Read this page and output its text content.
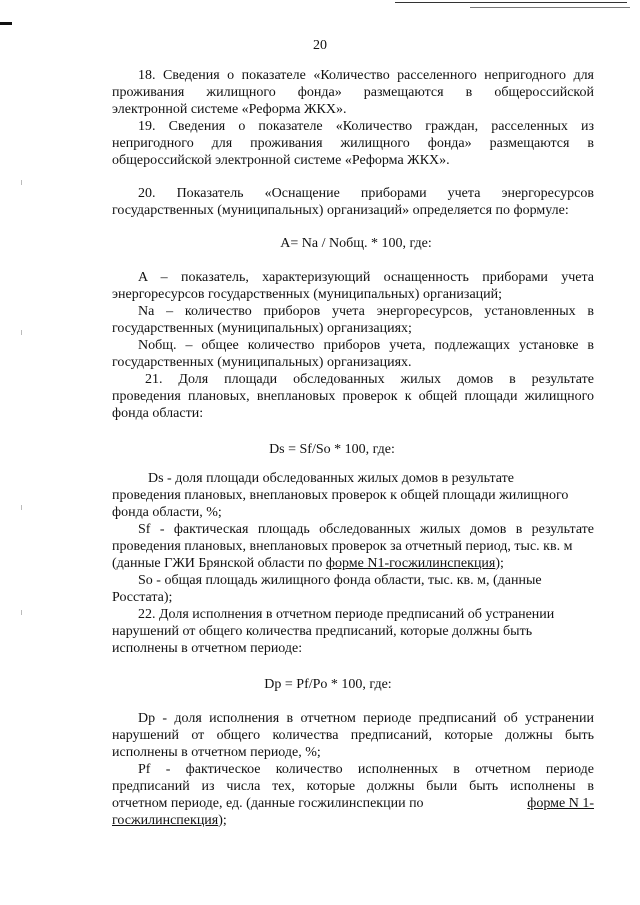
20
18. Сведения о показателе «Количество расселенного непригодного для
проживания жилищного фонда» размещаются в общероссийской
электронной системе «Реформа ЖКХ».
19. Сведения о показателе «Количество граждан, расселенных из
непригодного для проживания жилищного фонда» размещаются в
общероссийской электронной системе «Реформа ЖКХ».
20. Показатель «Оснащение приборами учета энергоресурсов
государственных (муниципальных) организаций» определяется по формуле:
A= Na / Nобщ. * 100, где:
A – показатель, характеризующий оснащенность приборами учета
энергоресурсов государственных (муниципальных) организаций;
Na – количество приборов учета энергоресурсов, установленных в
государственных (муниципальных) организациях;
Nобщ. – общее количество приборов учета, подлежащих установке в
государственных (муниципальных) организациях.
21. Доля площади обследованных жилых домов в результате
проведения плановых, внеплановых проверок к общей площади жилищного
фонда области:
Ds = Sf/So * 100, где:
Ds - доля площади обследованных жилых домов в результате
проведения плановых, внеплановых проверок к общей площади жилищного
фонда области, %;
Sf - фактическая площадь обследованных жилых домов в результате
проведения плановых, внеплановых проверок за отчетный период, тыс. кв. м
(данные ГЖИ Брянской области по форме N1-госжилинспекция);
So - общая площадь жилищного фонда области, тыс. кв. м, (данные
Росстата);
22. Доля исполнения в отчетном периоде предписаний об устранении
нарушений от общего количества предписаний, которые должны быть
исполнены в отчетном периоде:
Dp = Pf/Po * 100, где:
Dp - доля исполнения в отчетном периоде предписаний об устранении
нарушений от общего количества предписаний, которые должны быть
исполнены в отчетном периоде, %;
Pf - фактическое количество исполненных в отчетном периоде
предписаний из числа тех, которые должны были быть исполнены в
отчетном периоде, ед. (данные госжилинспекции по	форме N 1-
госжилинспекция);
